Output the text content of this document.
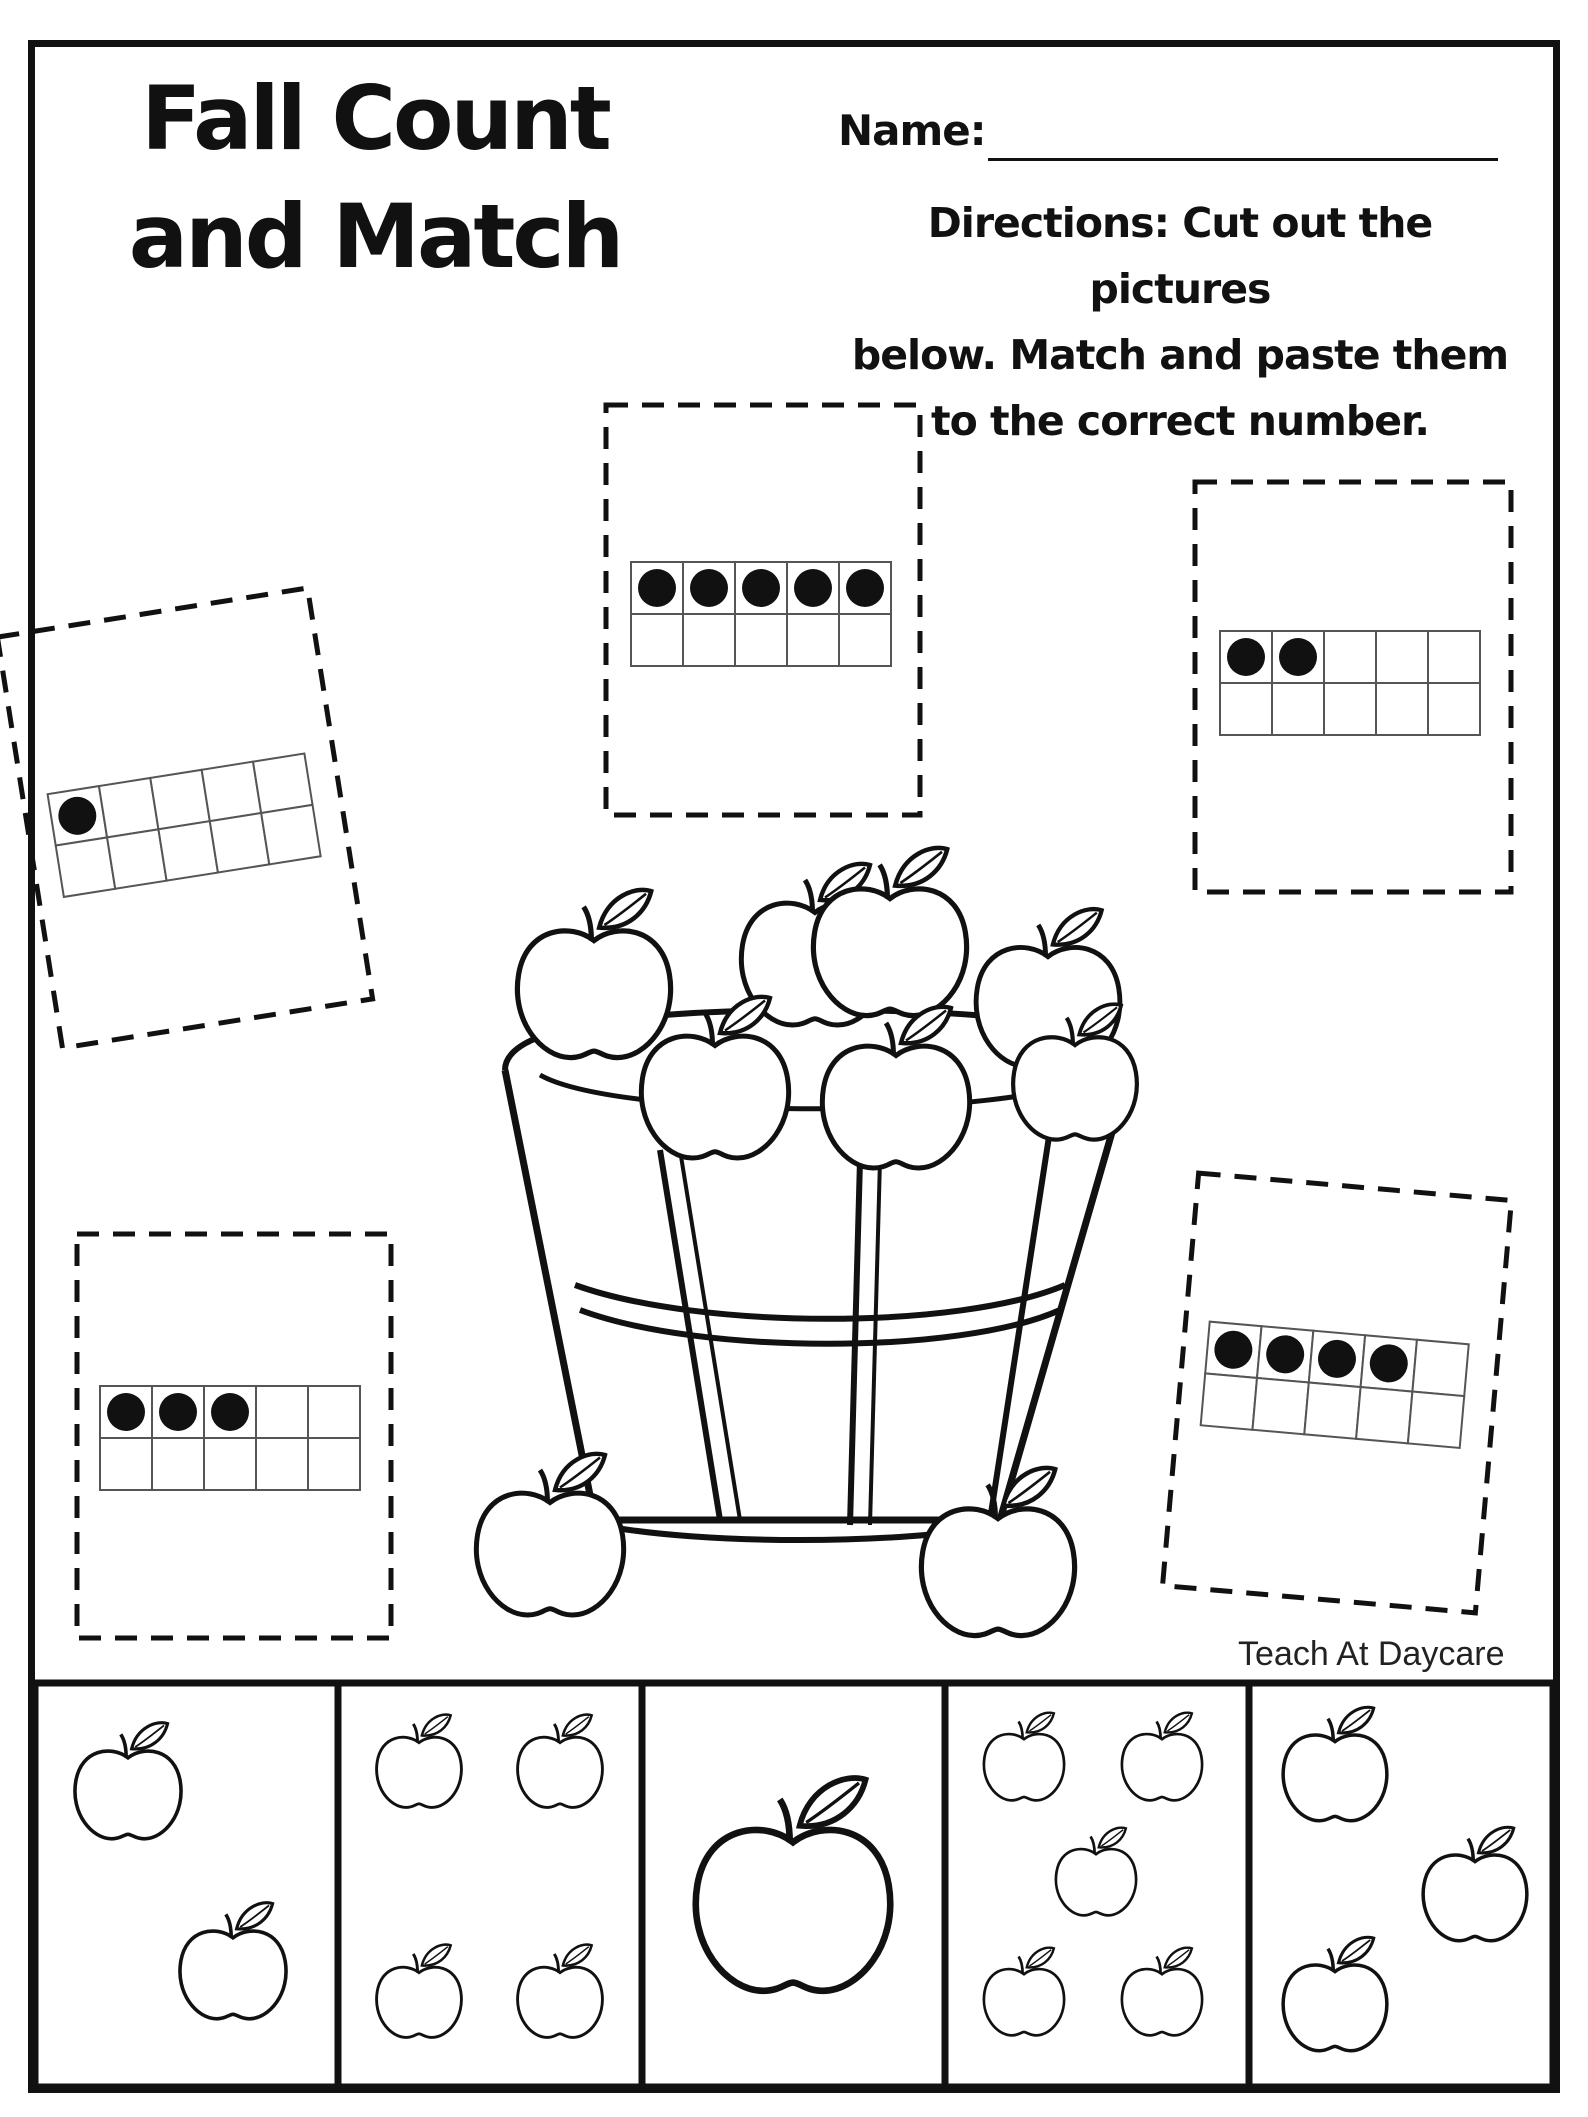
Fall Count
and Match
Name:
Directions: Cut out the pictures
below. Match and paste them
to the correct number.
Teach At Daycare
